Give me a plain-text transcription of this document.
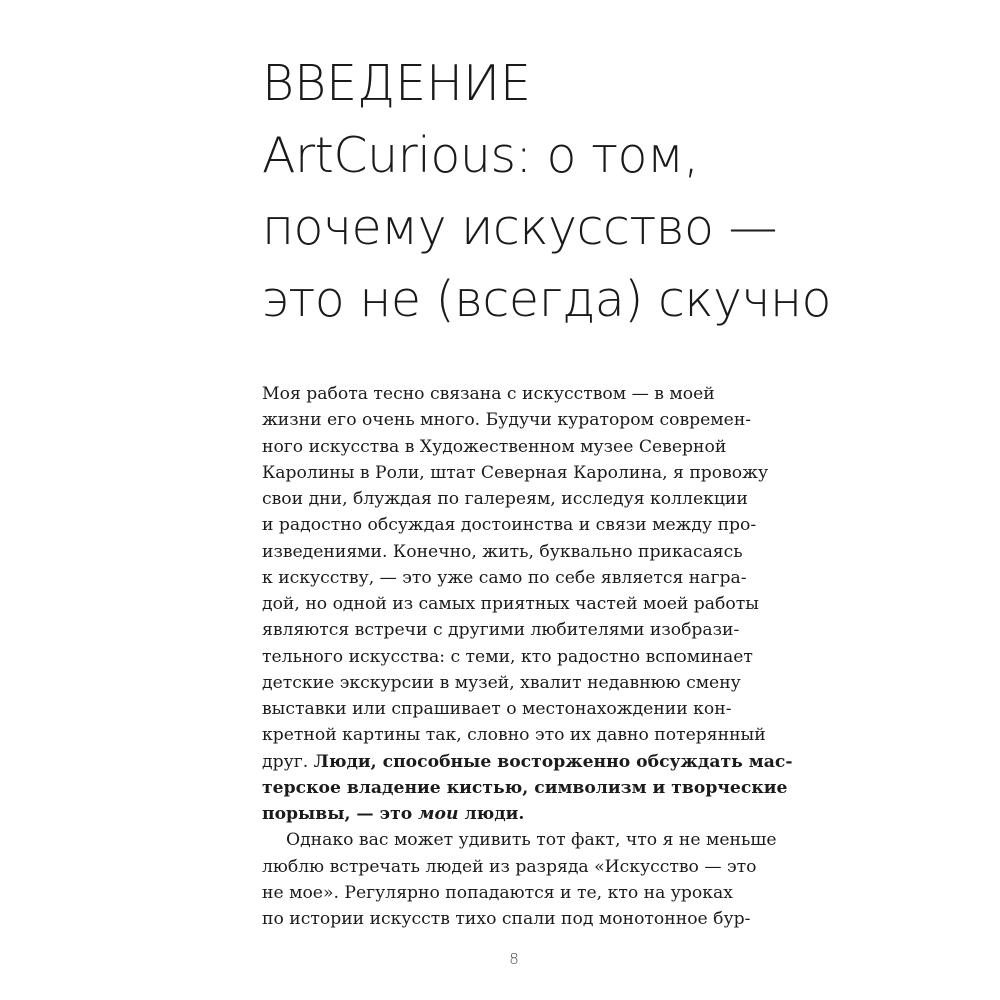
ВВЕДЕНИЕ
ArtCurious: о том,
почему искусство —
это не (всегда) скучно
Моя работа тесно связана с искусством — в моей
жизни его очень много. Будучи куратором современ-
ного искусства в Художественном музее Северной
Каролины в Роли, штат Северная Каролина, я провожу
свои дни, блуждая по галереям, исследуя коллекции
и радостно обсуждая достоинства и связи между про-
изведениями. Конечно, жить, буквально прикасаясь
к искусству, — это уже само по себе является награ-
дой, но одной из самых приятных частей моей работы
являются встречи с другими любителями изобрази-
тельного искусства: с теми, кто радостно вспоминает
детские экскурсии в музей, хвалит недавнюю смену
выставки или спрашивает о местонахождении кон-
кретной картины так, словно это их давно потерянный
друг. Люди, способные восторженно обсуждать мас-
терское владение кистью, символизм и творческие
порывы, — это мои люди.
Однако вас может удивить тот факт, что я не меньше
люблю встречать людей из разряда «Искусство — это
не мое». Регулярно попадаются и те, кто на уроках
по истории искусств тихо спали под монотонное бур-
8
